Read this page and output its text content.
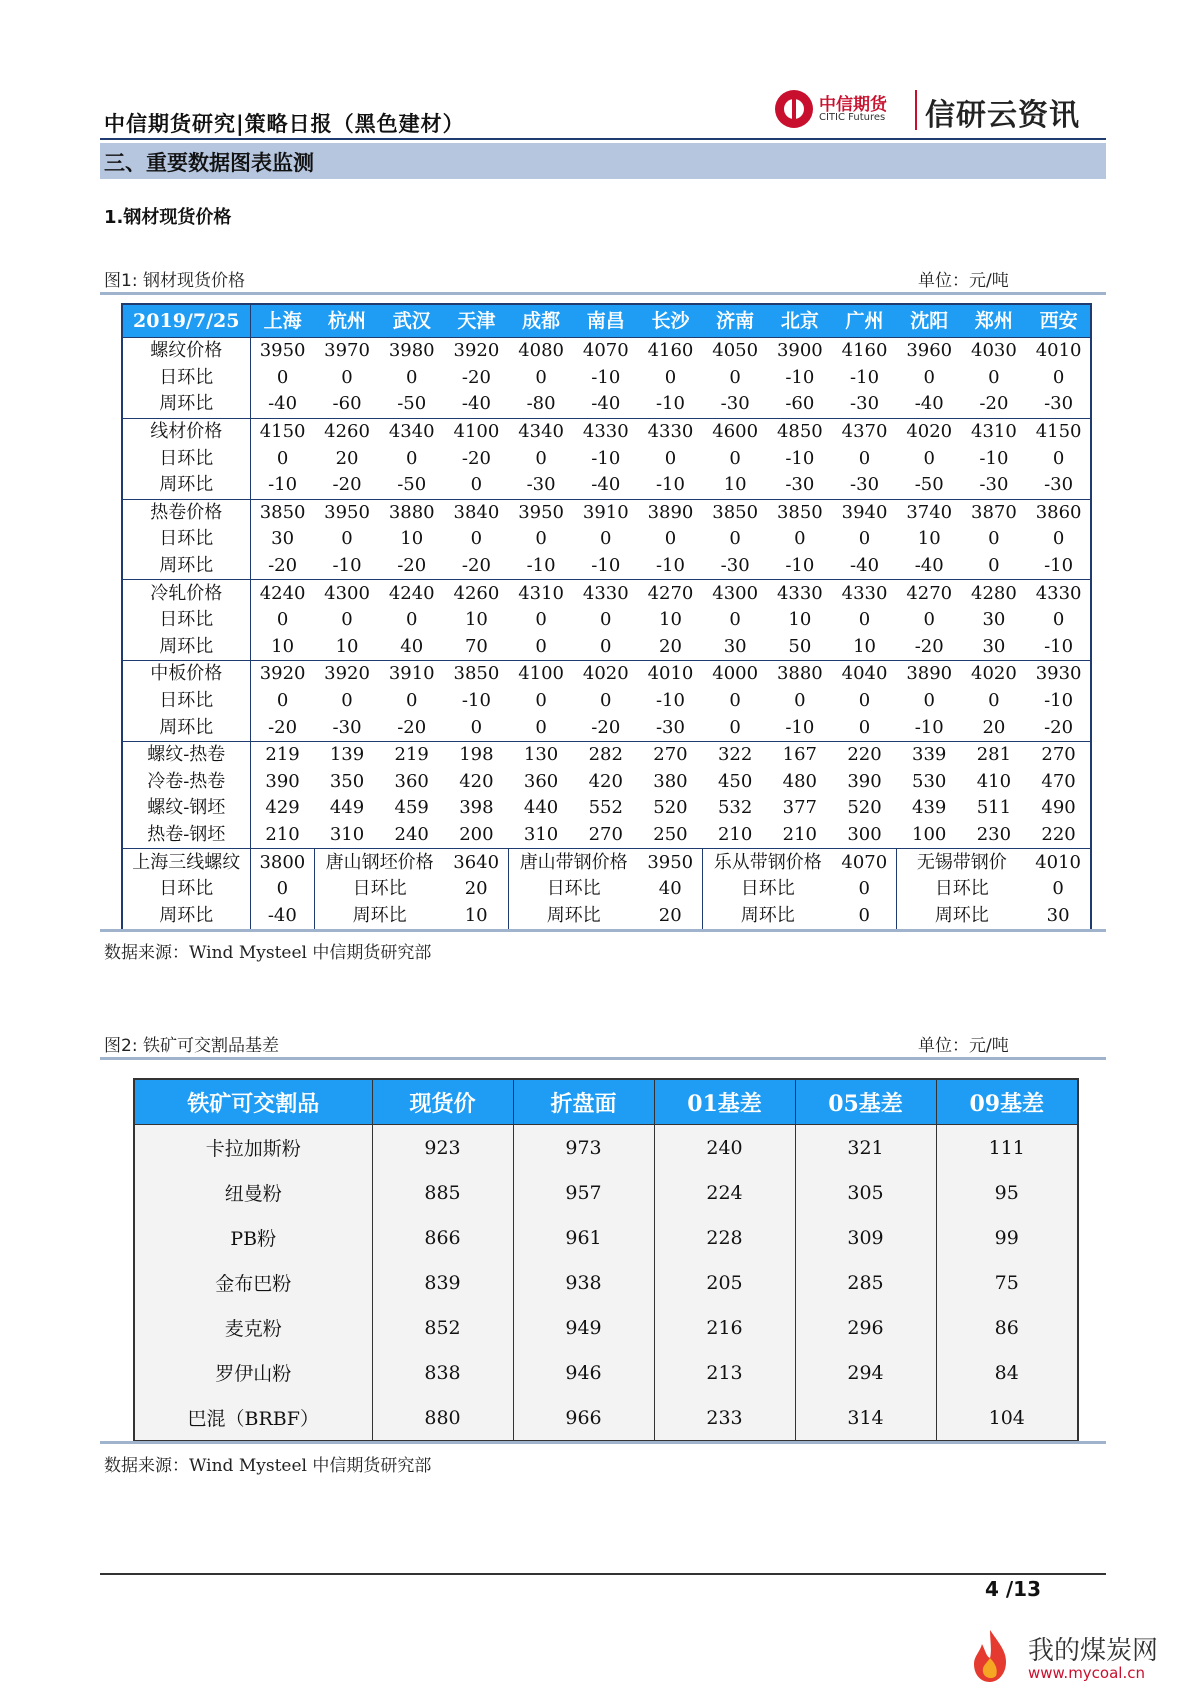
中信期货研究|策略日报（黑色建材）
中信期货
CITIC Futures 信研云资讯
三、重要数据图表监测
1.钢材现货价格
图1: 钢材现货价格	单位：元/吨
2019/7/25	上海	杭州	武汉	天津	成都	南昌	长沙	济南	北京	广州	沈阳	郑州	西安
螺纹价格	3950	3970	3980	3920	4080	4070	4160	4050	3900	4160	3960	4030	4010
日环比	0	0	0	-20	0	-10	0	0	-10	-10	0	0	0
周环比	-40	-60	-50	-40	-80	-40	-10	-30	-60	-30	-40	-20	-30
线材价格	4150	4260	4340	4100	4340	4330	4330	4600	4850	4370	4020	4310	4150
日环比	0	20	0	-20	0	-10	0	0	-10	0	0	-10	0
周环比	-10	-20	-50	0	-30	-40	-10	10	-30	-30	-50	-30	-30
热卷价格	3850	3950	3880	3840	3950	3910	3890	3850	3850	3940	3740	3870	3860
日环比	30	0	10	0	0	0	0	0	0	0	10	0	0
周环比	-20	-10	-20	-20	-10	-10	-10	-30	-10	-40	-40	0	-10
冷轧价格	4240	4300	4240	4260	4310	4330	4270	4300	4330	4330	4270	4280	4330
日环比	0	0	0	10	0	0	10	0	10	0	0	30	0
周环比	10	10	40	70	0	0	20	30	50	10	-20	30	-10
中板价格	3920	3920	3910	3850	4100	4020	4010	4000	3880	4040	3890	4020	3930
日环比	0	0	0	-10	0	0	-10	0	0	0	0	0	-10
周环比	-20	-30	-20	0	0	-20	-30	0	-10	0	-10	20	-20
螺纹-热卷	219	139	219	198	130	282	270	322	167	220	339	281	270
冷卷-热卷	390	350	360	420	360	420	380	450	480	390	530	410	470
螺纹-钢坯	429	449	459	398	440	552	520	532	377	520	439	511	490
热卷-钢坯	210	310	240	200	310	270	250	210	210	300	100	230	220
上海三线螺纹	3800	唐山钢坯价格		3640	唐山带钢价格		3950	乐从带钢价格		4070	无锡带钢价		4010
日环比	0	日环比		20	日环比		40	日环比		0	日环比		0
周环比	-40	周环比		10	周环比		20	周环比		0	周环比		30
数据来源：Wind Mysteel 中信期货研究部
图2: 铁矿可交割品基差	单位：元/吨
铁矿可交割品	现货价	折盘面	01基差	05基差	09基差
卡拉加斯粉	923	973	240	321	111
纽曼粉	885	957	224	305	95
PB粉	866	961	228	309	99
金布巴粉	839	938	205	285	75
麦克粉	852	949	216	296	86
罗伊山粉	838	946	213	294	84
巴混（BRBF）	880	966	233	314	104
数据来源：Wind Mysteel 中信期货研究部
4 /13
我的煤炭网
www.mycoal.cn
